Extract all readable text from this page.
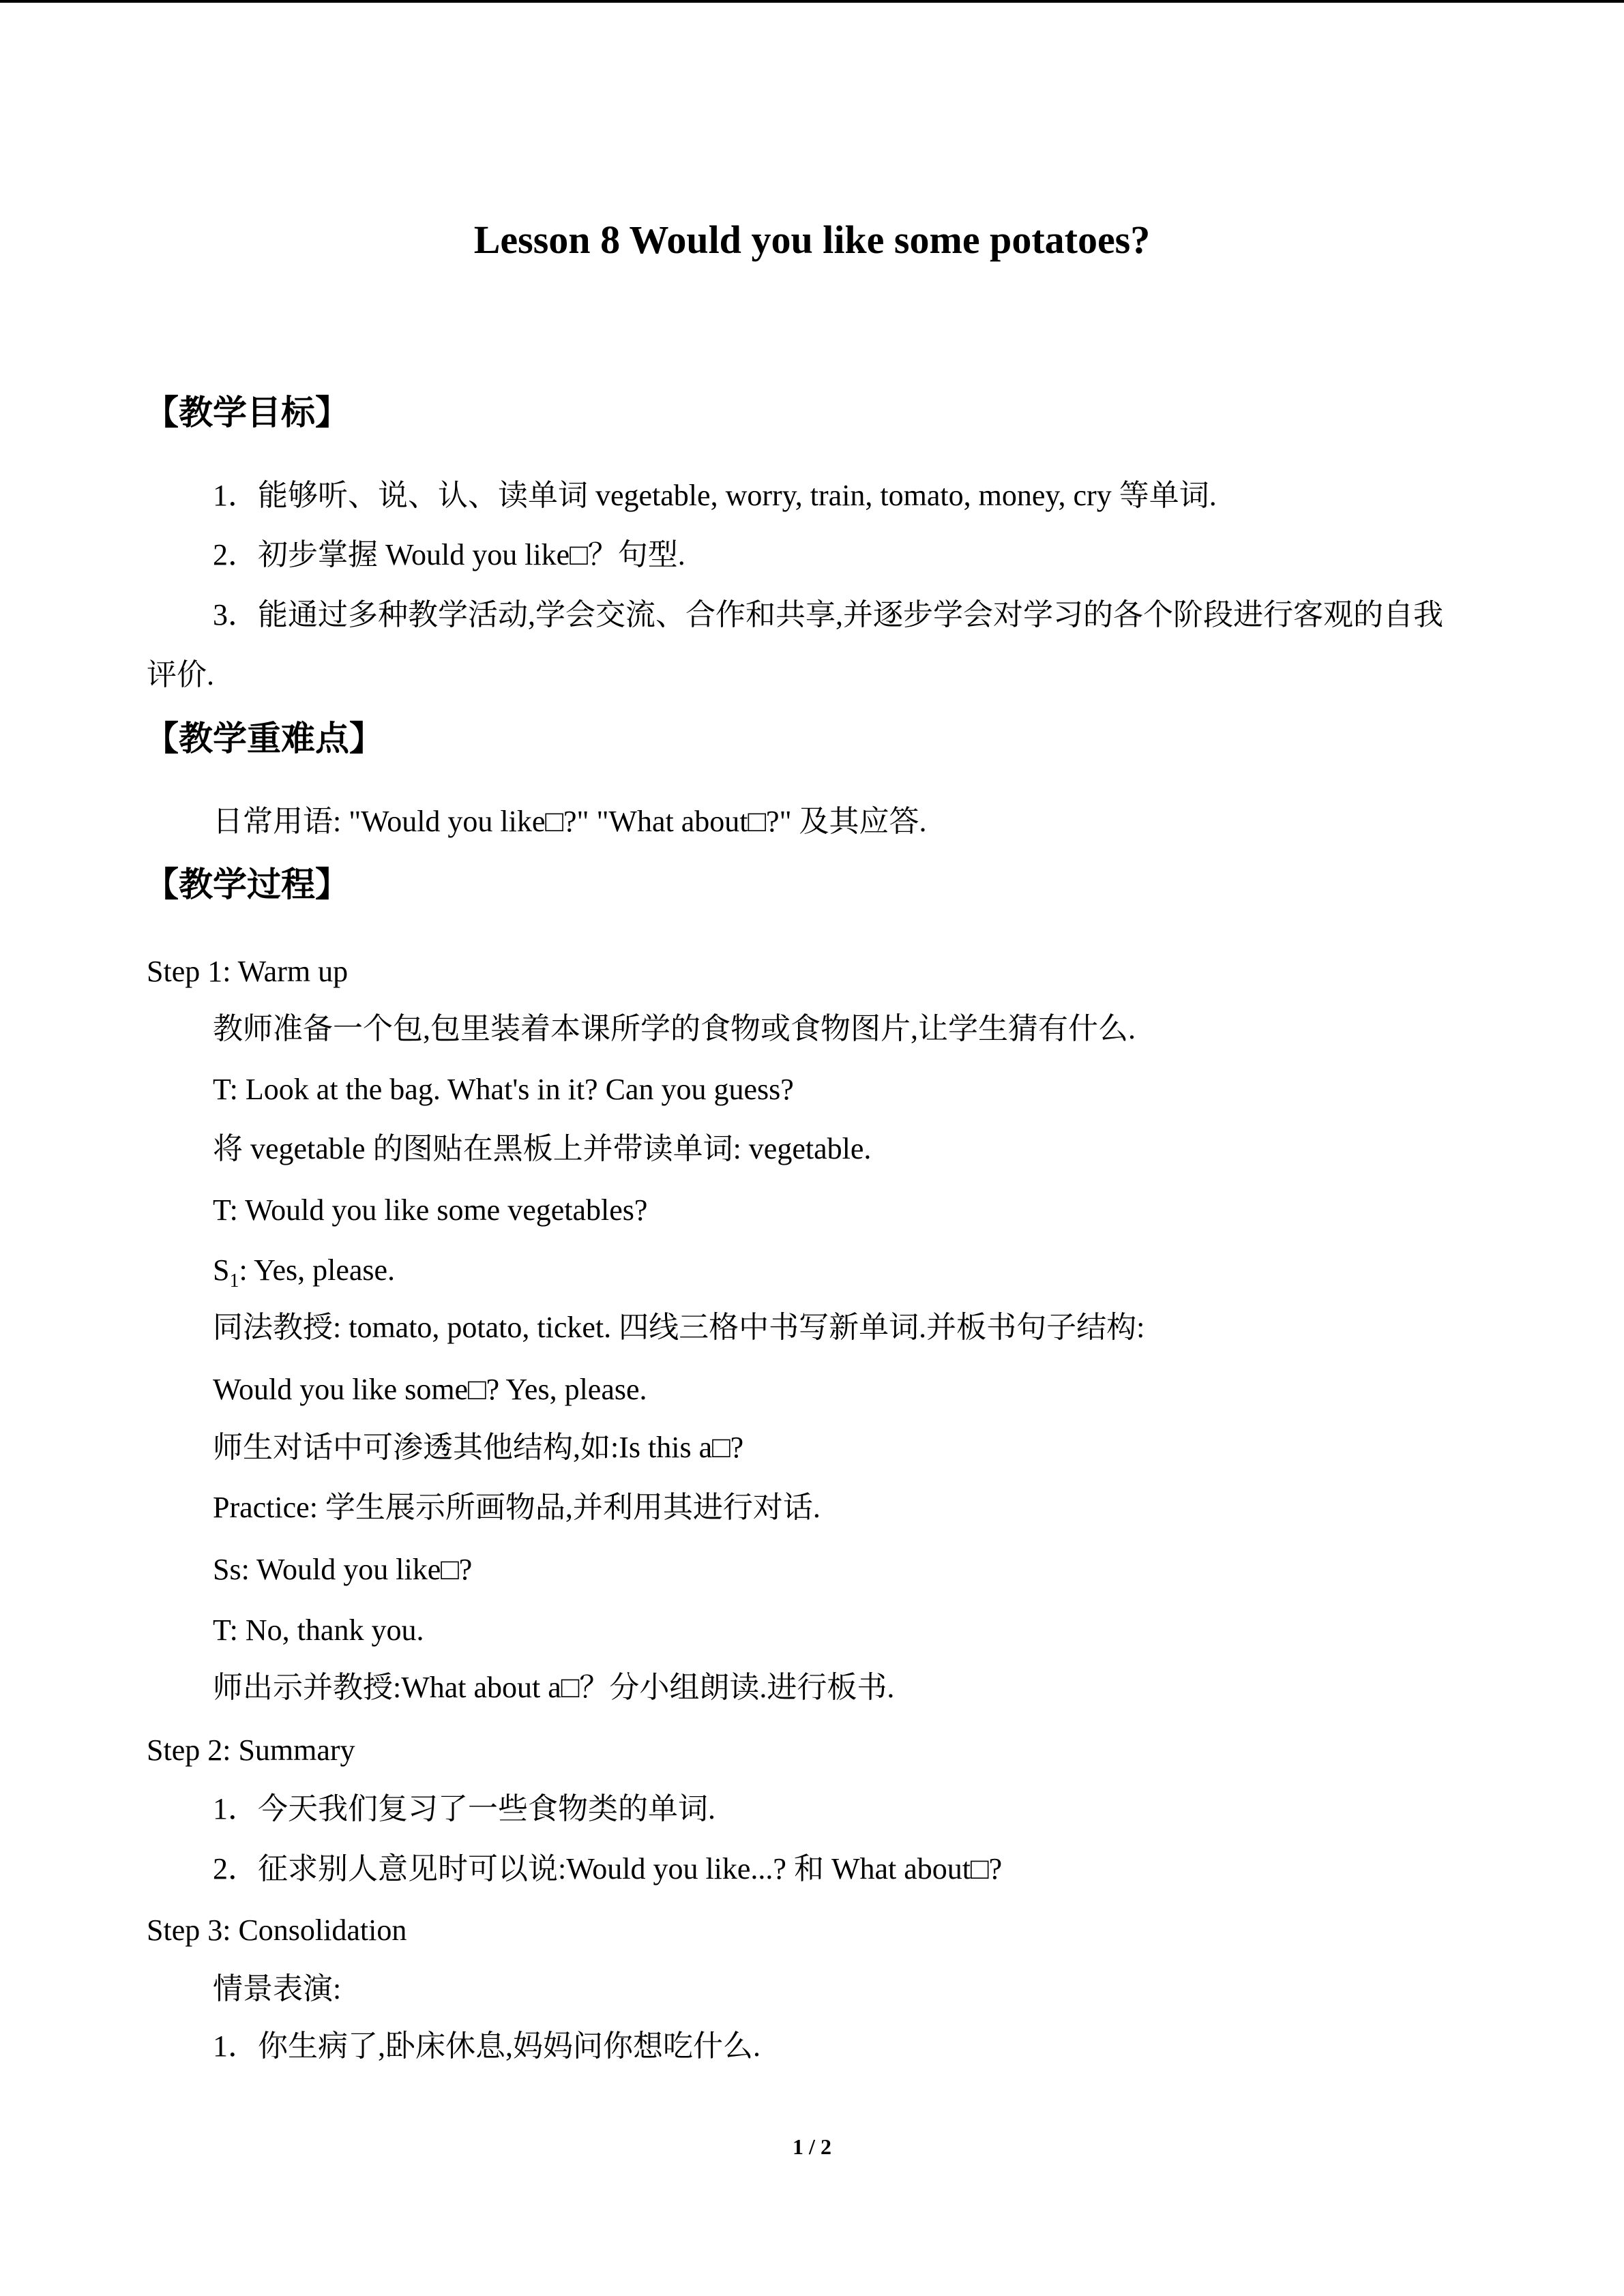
Lesson 8 Would you like some potatoes?
【教学目标】
1．能够听、说、认、读单词 vegetable, worry, train, tomato, money, cry 等单词.
2．初步掌握 Would you like□？句型.
3．能通过多种教学活动,学会交流、合作和共享,并逐步学会对学习的各个阶段进行客观的自我评价.
【教学重难点】
日常用语: "Would you like□?" "What about□?" 及其应答.
【教学过程】
Step 1: Warm up
教师准备一个包,包里装着本课所学的食物或食物图片,让学生猜有什么.
T: Look at the bag. What's in it? Can you guess?
将 vegetable 的图贴在黑板上并带读单词: vegetable.
T: Would you like some vegetables?
$S_1$: Yes, please.
同法教授: tomato, potato, ticket. 四线三格中书写新单词.并板书句子结构:
Would you like some□? Yes, please.
师生对话中可渗透其他结构,如:Is this a□?
Practice: 学生展示所画物品,并利用其进行对话.
Ss: Would you like□?
T: No, thank you.
师出示并教授:What about a□？分小组朗读.进行板书.
Step 2: Summary
1．今天我们复习了一些食物类的单词.
2．征求别人意见时可以说:Would you like...? 和 What about□?
Step 3: Consolidation
情景表演:
1．你生病了,卧床休息,妈妈问你想吃什么.
1 / 2
